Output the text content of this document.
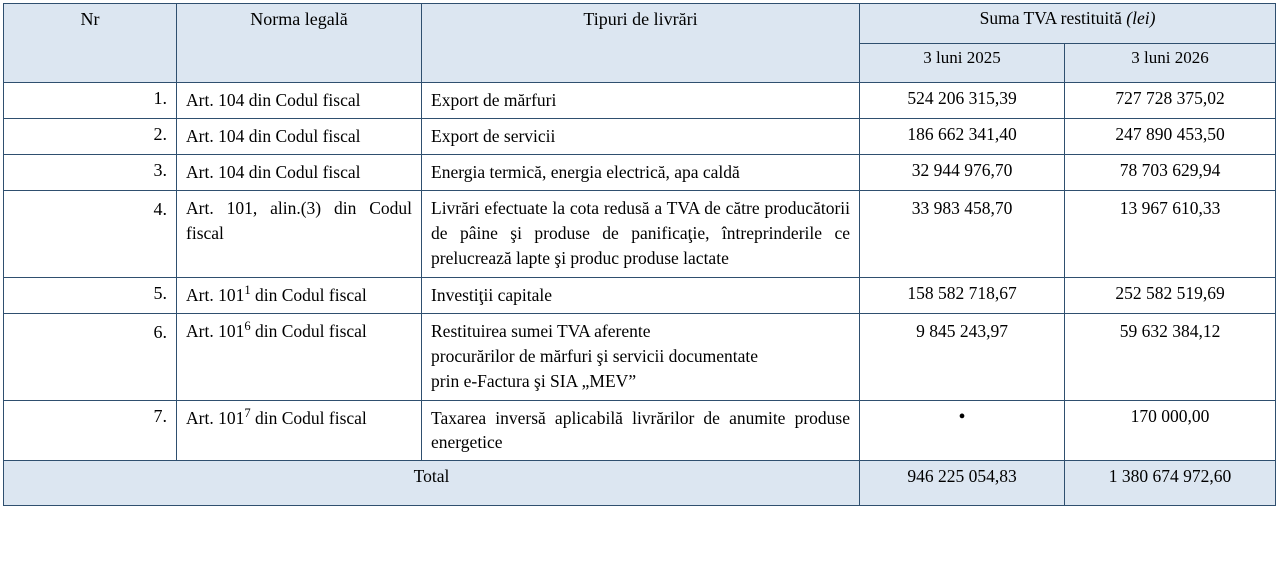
Nr	Norma legală	Tipuri de livrări	Suma TVA restituită (lei)	
			3 luni 2025	3 luni 2026
1.	Art. 104 din Codul fiscal	Export de mărfuri	524 206 315,39	727 728 375,02
2.	Art. 104 din Codul fiscal	Export de servicii	186 662 341,40	247 890 453,50
3.	Art. 104 din Codul fiscal	Energia termică, energia electrică, apa caldă	32 944 976,70	78 703 629,94
4.	Art. 101, alin.(3) din Codul fiscal	Livrări efectuate la cota redusă a TVA de către producătorii de pâine şi produse de panificaţie, întreprinderile ce prelucrează lapte şi produc produse lactate	33 983 458,70	13 967 610,33
5.	Art. $101^1$ din Codul fiscal	Investiţii capitale	158 582 718,67	252 582 519,69
6.	Art. $101^6$ din Codul fiscal	Restituirea sumei TVA aferente
procurărilor de mărfuri şi servicii documentate
prin e-Factura şi SIA „MEV”	9 845 243,97	59 632 384,12
7.	Art. $101^7$ din Codul fiscal	Taxarea inversă aplicabilă livrărilor de anumite produse energetice	•	170 000,00
Total			946 225 054,83	1 380 674 972,60
